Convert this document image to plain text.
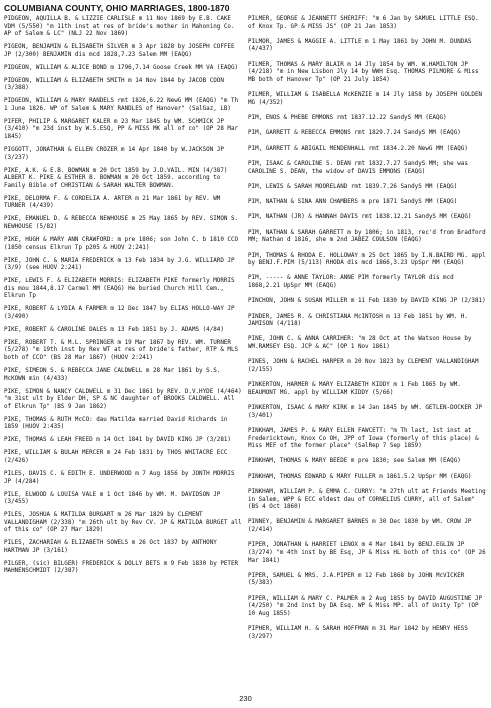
COLUMBIANA COUNTY, OHIO MARRIAGES, 1800-1870
PIDGEON, AQUILLA B. & LIZZIE CARLISLE m 11 Nov 1869 by E.B. CAKE VDM (5/550) "m 11th inst at res of bride's mother in Mahoning Co. AP of Salem & LC" (NLJ 22 Nov 1869)
PIGEON, BENJAMIN & ELISABETH SILVER m 3 Apr 1828 by JOSEPH COFFEE JP (2/300) BENJAMIN dis mcd 1828,7.23 Salem MM (EAQG)
PIDGEON, WILLIAM & ALICE BOND m 1796,7.14 Goose Creek MM VA (EAQG)
PIDGEON, WILLIAM & ELIZABETH SMITH m 14 Nov 1844 by JACOB COON (3/388)
PIDGEON, WILLIAM & MARY RANDELS rmt 1826,6.22 NewG MM (EAQG) "m Th 1 June 1826. WP of Salem & MARY RANDLES of Hanover" (SalGaz, LB)
PIFER, PHILIP & MARGARET KALER m 23 Mar 1845 by WM. SCHMICK JP (3/410) "m 23d inst by W.S.ESQ, PP & MISS MK all of co" (OP 28 Mar 1845)
PIGGOTT, JONATHAN & ELLEN CROZER m 14 Apr 1840 by W.JACKSON JP (3/237)
PIKE, A.K. & E.B. BOWMAN m 20 Oct 1859 by J.D.VAIL. MIN (4/387) ALBERT K. PIKE & ESTHER B. BOWMAN m 20 Oct 1859. according to Family Bible of CHRISTIAN & SARAH WALTER BOWMAN.
PIKE, DELORMA F. & CORDELIA A. ARTER m 21 Mar 1861 by REV. WM TURNER (4/439)
PIKE, EMANUEL D. & REBECCA NEWHOUSE m 25 May 1865 by REV. SIMON S. NEWHOUSE (5/82)
PIKE, HUGH & MARY ANN CRAWFORD: m pre 1806; son John C. b 1810 CCO (1850 census Elkrun Tp p205 & HUOV 2:241)
PIKE, JOHN C. & MARIA FREDERICK m 13 Feb 1834 by J.G. WILLIARD JP (3/9) (see HUOV 2:241)
PIKE, LEWIS F. & ELIZABETH MORRIS: ELIZABETH PIKE formerly MORRIS dis mou 1844,8.17 Carmel MM (EAQG) He buried Church Hill Cem., Elkrun Tp
PIKE, ROBERT & LYDIA A FARMER m 12 Dec 1847 by ELIAS HOLLO-WAY JP (3/490)
PIKE, ROBERT & CAROLINE DALES m 13 Feb 1851 by J. ADAMS (4/84)
PIKE, ROBERT T. & M.L. SPRINGER m 19 Mar 1867 by REV. WM. TURNER (5/278) "m 19th inst by Rev WT at res of bride's father, RTP & MLS both of CCO" (BS 28 Mar 1867) (HUOV 2:241)
PIKE, SIMEON S. & REBECCA JANE CALDWELL m 28 Mar 1861 by S.S. McKOWN min (4/433)
PIKE, SIMON & NANCY CALDWELL m 31 Dec 1861 by REV. D.V.HYDE (4/464) "m 31st ult by Elder DH, SP & NC daughter of BROOKS CALDWELL. All of Elkrun Tp" (BS 9 Jan 1862)
PIKE, THOMAS & RUTH McCO: dau Matilda married David Richards in 1859 (HUOV 2:435)
PIKE, THOMAS & LEAH FREED m 14 Oct 1841 by DAVID KING JP (3/281)
PIKE, WILLIAM & BULAH MERCER m 24 Feb 1831 by THOS WHITACRE ECC (2/426)
PILES, DAVIS C. & EDITH E. UNDERWOOD m 7 Aug 1856 by JONTH MORRIS JP (4/284)
PILE, ELWOOD & LOUISA VALE m 1 Oct 1846 by WM. M. DAVIDSON JP (3/455)
PILES, JOSHUA & MATILDA BURGART m 26 Mar 1829 by CLEMENT VALLANDIGHAM (2/338) "m 26th ult by Rev CV. JP & MATILDA BURGET all of this co" (OP 27 Mar 1829)
PILES, ZACHARIAH & ELIZABETH SOWELS m 26 Oct 1837 by ANTHONY HARTMAN JP (3/161)
PILGER, (sic) BILGER) FREDERICK & DOLLY BETS m 9 Feb 1830 by PETER MAHNENSCHMIDT (2/387)
PILMER, GEORGE & JEANNETT SHERIFF: "m 6 Jan by SAMUEL LITTLE ESQ. of Knox Tp. GP & MISS JS" (OP 21 Jan 1853)
PILMOR, JAMES & MAGGIE A. LITTLE m 1 May 1861 by JOHN M. DUNDAS (4/437)
PILMER, THOMAS & MARY BLAIR m 14 Jly 1854 by WM. W.HAMILTON JP (4/218) "m in New Lisbon Jly 14 by WWH Esq. THOMAS PILMORE & Miss MB both of Hanover Tp" (OP 21 July 1854)
PILMER, WILLIAM & ISABELLA McKENZIE m 14 Jly 1858 by JOSEPH GOLDEN MG (4/352)
PIM, ENOS & PHEBE EMMONS rmt 1837.12.22 SandyS MM (EAQG)
PIM, GARRETT & REBECCA EMMONS rmt 1829.7.24 SandyS MM (EAQG)
PIM, GARRETT & ABIGAIL MENDENHALL rmt 1834.2.20 NewG MM (EAQG)
PIM, ISAAC & CAROLINE S. DEAN rmt 1832.7.27 SandyS MM; she was CAROLINE S. DEAN, the widow of DAVIS EMMONS (EAQG)
PIM, LEWIS & SARAH MOORELAND rmt 1839.7.26 SandyS MM (EAQG)
PIM, NATHAN & SINA ANN CHAMBERS m pre 1871 SandyS MM (EAQG)
PIM, NATHAN (JR) & HANNAH DAVIS rmt 1838.12.21 SandyS MM (EAQG)
PIM, NATHAN & SARAH GARRETT m by 1806; in 1813, rec'd from Bradford MM; Nathan d 1816, she m 2nd JABEZ COULSON (EAQG)
PIM, THOMAS & RHODA E. HOLLOWAY m 25 Oct 1865 by I.N.BAIRD MG. appl by BENJ.F.PIM (5/113) RHODA dis mcd 1866,3.23 UpSpr MM (EAQG)
PIM, ----- & ANNE TAYLOR: ANNE PIM formerly TAYLOR dis mcd 1868,2.21 UpSpr MM (EAQG)
PINCHON, JOHN & SUSAN MILLER m 11 Feb 1830 by DAVID KING JP (2/381)
PINDER, JAMES R. & CHRISTIANA McINTOSH m 13 Feb 1851 by WM. H. JAMISON (4/118)
PINE, JOHN C. & ANNA CARRIHER: "m 28 Oct at the Watson House by WM.RAMSEY ESQ. JCP & AC" (OP 1 Nov 1861)
PINES, JOHN & RACHEL HARPER m 20 Nov 1823 by CLEMENT VALLANDIGHAM (2/155)
PINKERTON, HARMER & MARY ELIZABETH KIDDY m 1 Feb 1865 by WM. BEAUMONT MG. appl by WILLIAM KIDDY (5/66)
PINKERTON, ISAAC & MARY KIRK m 14 Jan 1845 by WM. GETLEN-DOCKER JP (3/401)
PINKHAM, JAMES P. & MARY ELLEN FAWCETT: "m Th last, 1st inst at Fredericktown, Knox Co OH, JPP of Iowa (formerly of this place) & Miss MEF of the former place" (SalRep 7 Sep 1859)
PINKHAM, THOMAS & MARY BEEDE m pre 1830; see Salem MM (EAQG)
PINKHAM, THOMAS EDWARD & MARY FULLER m 1861.5.2 UpSpr MM (EAQG)
PINKHAM, WILLIAM P. & EMMA C. CURRY: "m 27th ult at Friends Meeting in Salem, WPP & ECC eldest dau of CORNELIUS CURRY, all of Salem" (BS 4 Oct 1860)
PINNEY, BENJAMIN & MARGARET BARNES m 30 Dec 1830 by WM. CROW JP (2/414)
PIPER, JONATHAN & HARRIET LENOX m 4 Mar 1841 by BENJ.EGLIN JP (3/274) "m 4th inst by BE Esq, JP & Miss HL both of this co" (OP 26 Mar 1841)
PIPER, SAMUEL & MRS. J.A.PIPER m 12 Feb 1868 by JOHN McVICKER (5/383)
PIPER, WILLIAM & MARY C. PALMER m 2 Aug 1855 by DAVID AUGUSTINE JP (4/250) "m 2nd inst by DA Esq. WP & Miss MP. all of Unity Tp" (OP 10 Aug 1855)
PIPHER, WILLIAM H. & SARAH HOFFMAN m 31 Mar 1842 by HENRY HESS (3/297)
230
